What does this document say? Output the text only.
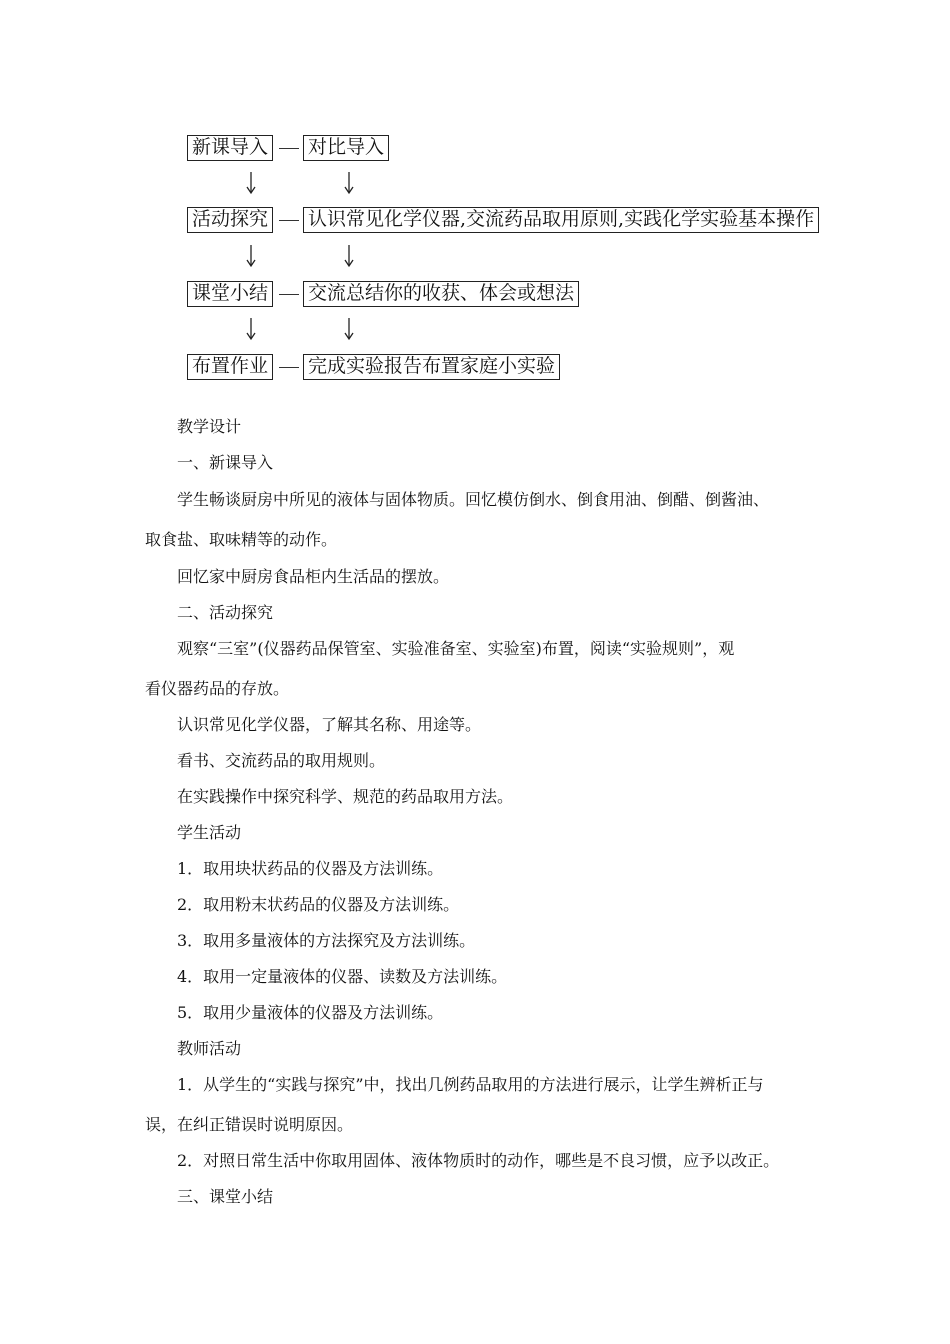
新课导入 对比导入
活动探究 认识常见化学仪器,交流药品取用原则,实践化学实验基本操作
课堂小结 交流总结你的收获、体会或想法
布置作业 完成实验报告布置家庭小实验
教学设计
一、新课导入
学生畅谈厨房中所见的液体与固体物质。回忆模仿倒水、倒食用油、倒醋、倒酱油、
取食盐、取味精等的动作。
回忆家中厨房食品柜内生活品的摆放。
二、活动探究
观察“三室”(仪器药品保管室、实验准备室、实验室)布置，阅读“实验规则”，观
看仪器药品的存放。
认识常见化学仪器，了解其名称、用途等。
看书、交流药品的取用规则。
在实践操作中探究科学、规范的药品取用方法。
学生活动
1．取用块状药品的仪器及方法训练。
2．取用粉末状药品的仪器及方法训练。
3．取用多量液体的方法探究及方法训练。
4．取用一定量液体的仪器、读数及方法训练。
5．取用少量液体的仪器及方法训练。
教师活动
1．从学生的“实践与探究”中，找出几例药品取用的方法进行展示，让学生辨析正与
误，在纠正错误时说明原因。
2．对照日常生活中你取用固体、液体物质时的动作，哪些是不良习惯，应予以改正。
三、课堂小结
